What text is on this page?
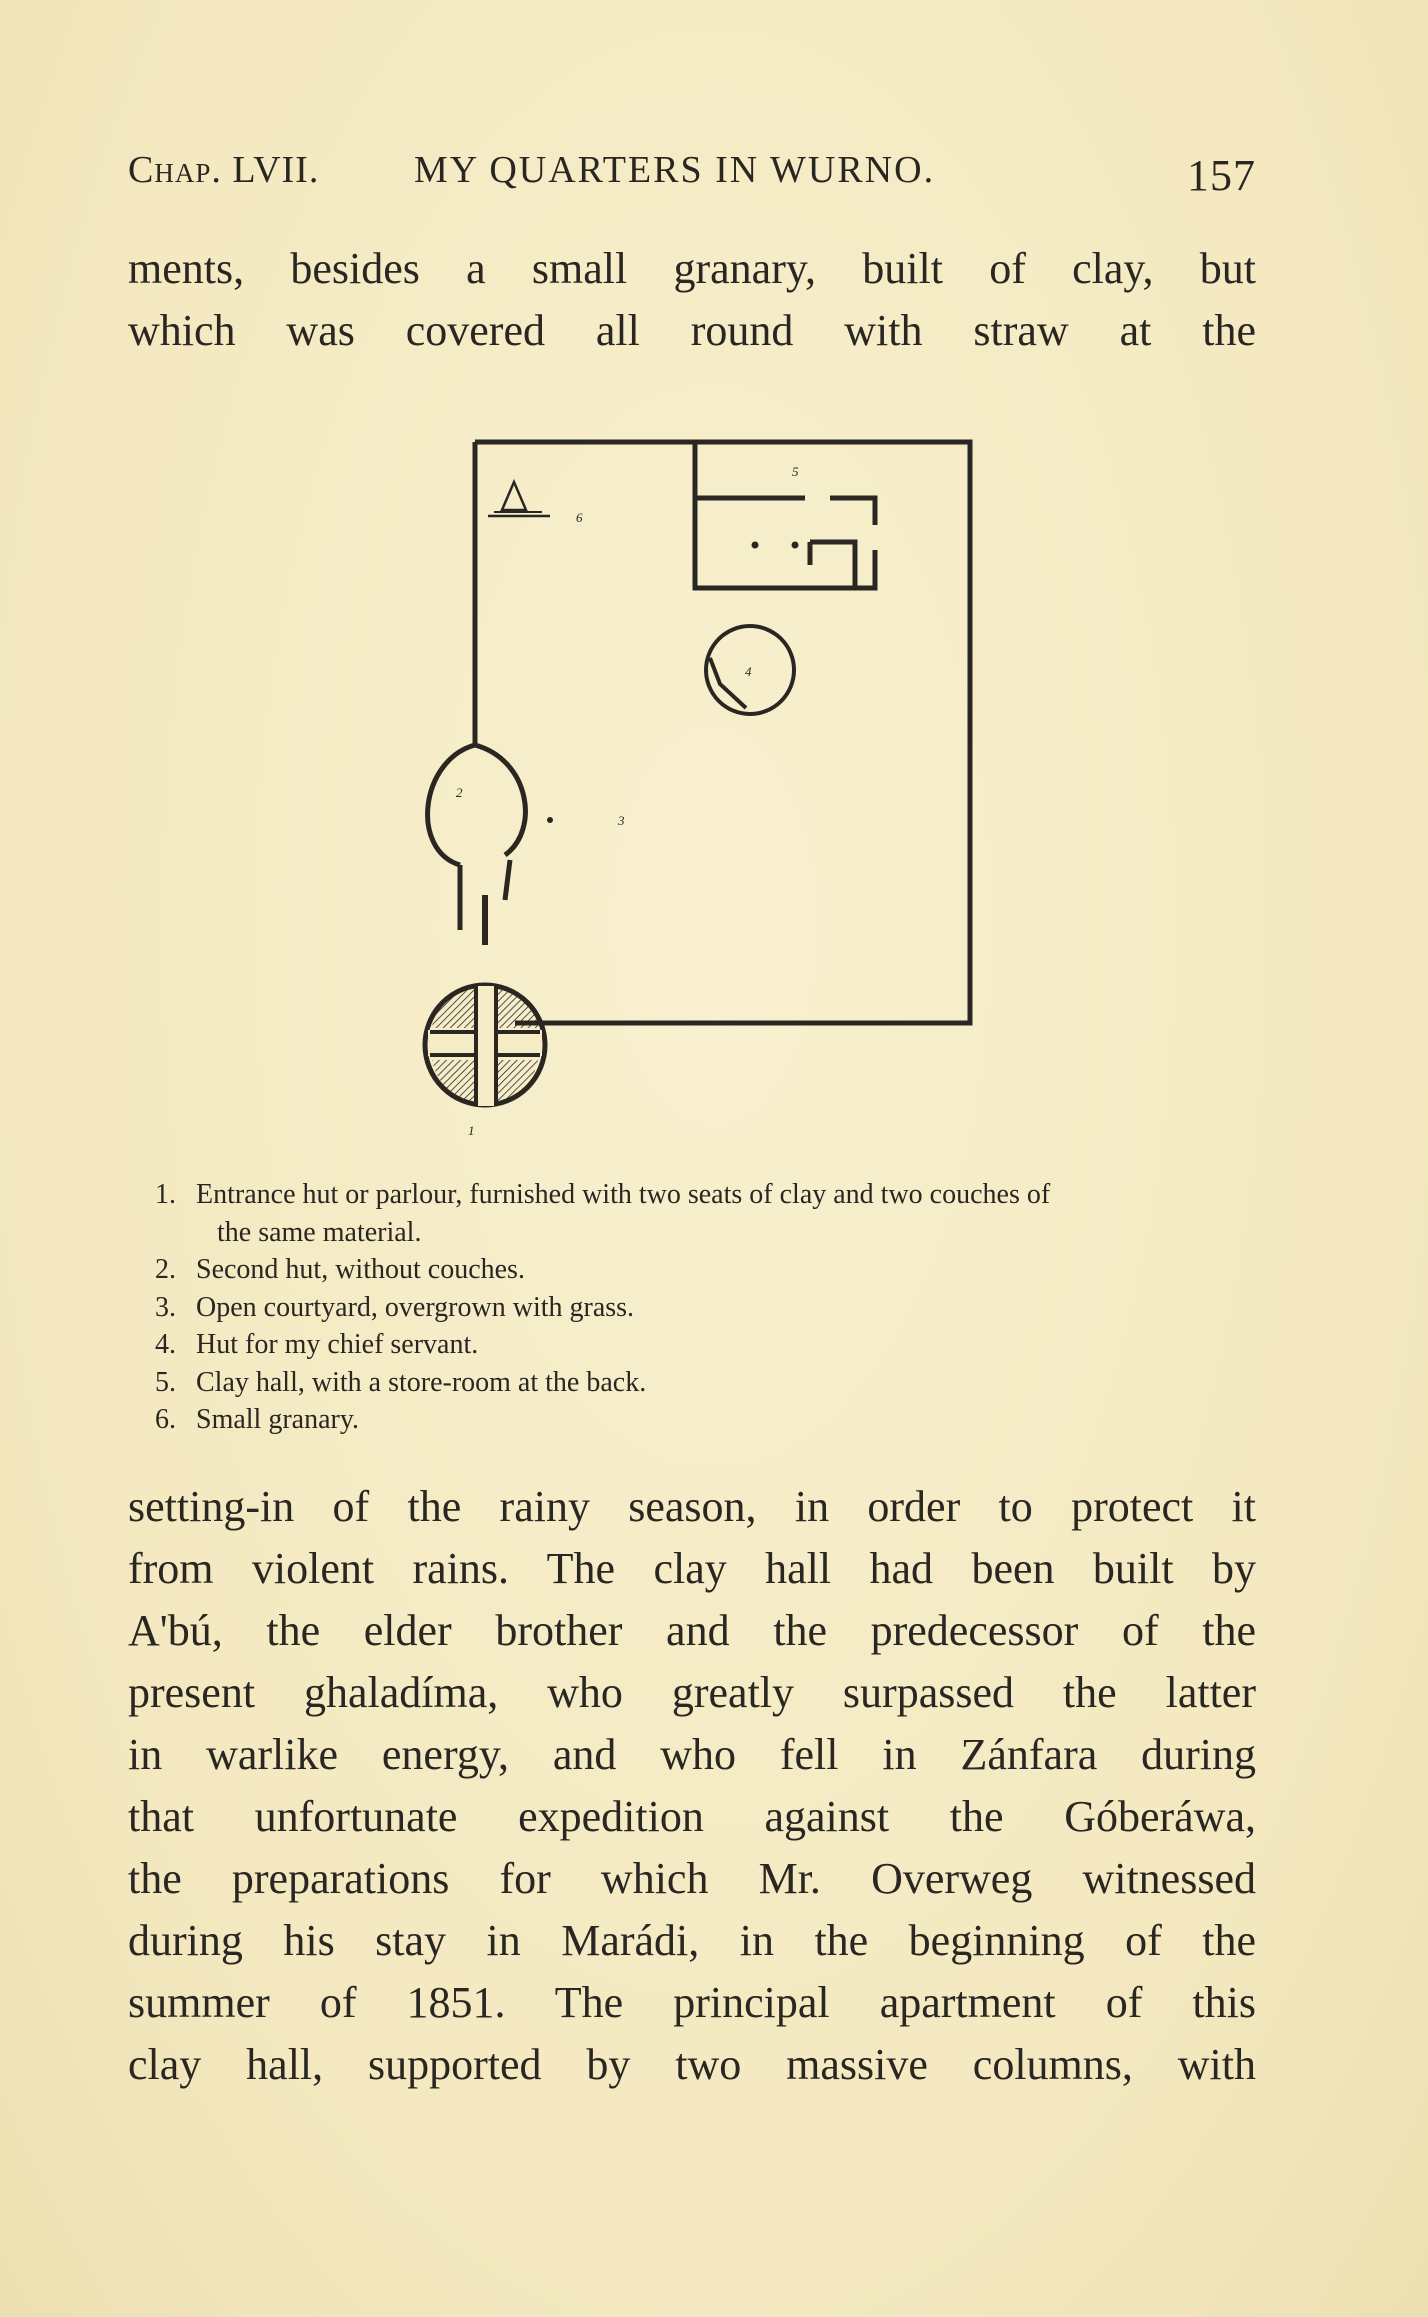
Chap. LVII. MY QUARTERS IN WURNO.	157
ments, besides a small granary, built of clay, but
which was covered all round with straw at the
1
2
3
4
5
6
1. Entrance hut or parlour, furnished with two seats of clay and two couches of
the same material.
2. Second hut, without couches.
3. Open courtyard, overgrown with grass.
4. Hut for my chief servant.
5. Clay hall, with a store-room at the back.
6. Small granary.
setting-in of the rainy season, in order to protect it
from violent rains. The clay hall had been built by
A'bú, the elder brother and the predecessor of the
present ghaladíma, who greatly surpassed the latter
in warlike energy, and who fell in Zánfara during
that unfortunate expedition against the Góberáwa,
the preparations for which Mr. Overweg witnessed
during his stay in Marádi, in the beginning of the
summer of 1851. The principal apartment of this
clay hall, supported by two massive columns, with
